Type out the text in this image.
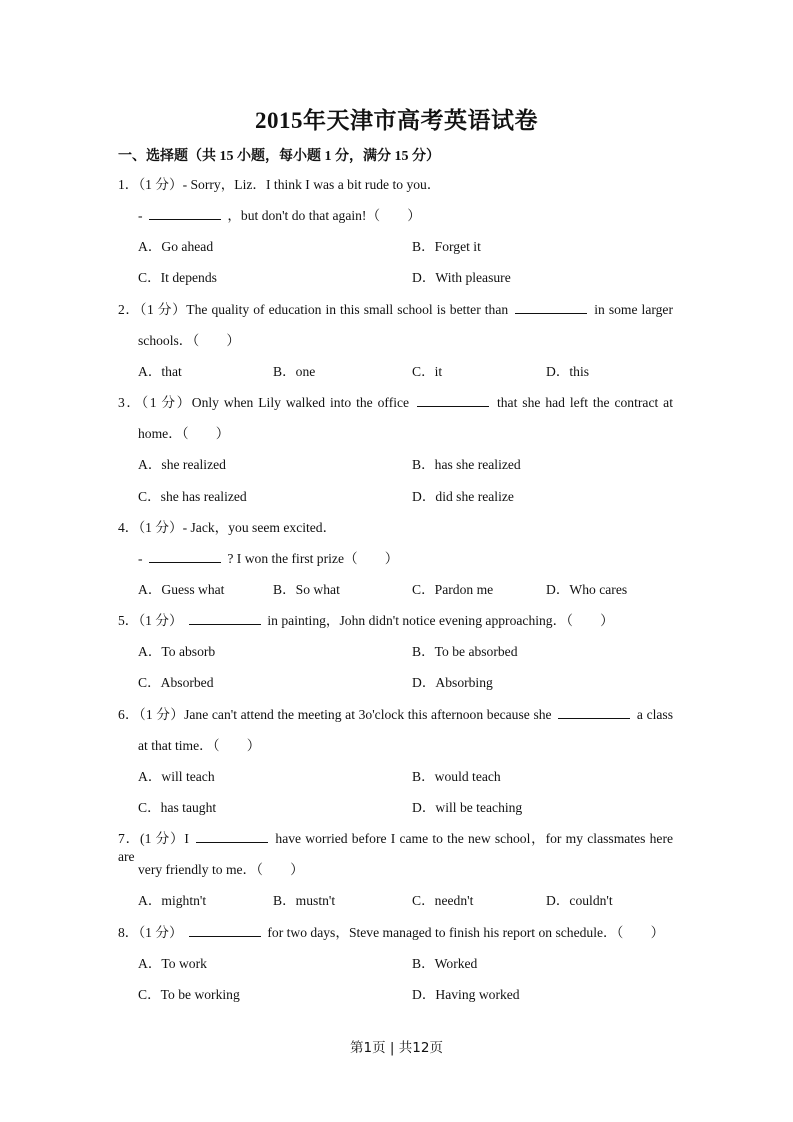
2015年天津市高考英语试卷
一、选择题（共 15 小题，每小题 1 分，满分 15 分）
1．（1 分）- Sorry，Liz．I think I was a bit rude to you．
-	，but don't do that again!（　　）
A．Go ahead	B．Forget it
C．It depends	D．With pleasure
2．（1 分）The quality of education in this small school is better than	in some larger
schools．（　　）
A．that	B．one	C．it	D．this
3．（1 分）Only when Lily walked into the office	that she had left the contract at
home．（　　）
A．she realized	B．has she realized
C．she has realized	D．did she realize
4．（1 分）- Jack，you seem excited．
-	? I won the first prize（　　）
A．Guess what	B．So what	C．Pardon me	D．Who cares
5．（1 分）	in painting，John didn't notice evening approaching．（　　）
A．To absorb	B．To be absorbed
C．Absorbed	D．Absorbing
6．（1 分）Jane can't attend the meeting at 3o'clock this afternoon because she	a class
at that time．（　　）
A．will teach	B．would teach
C．has taught	D．will be teaching
7．(1 分）I	have worried before I came to the new school，for my classmates here are
very friendly to me．（　　）
A．mightn't	B．mustn't	C．needn't	D．couldn't
8．（1 分）	for two days，Steve managed to finish his report on schedule．（　　）
A．To work	B．Worked
C．To be working	D．Having worked
第1页 | 共12页
